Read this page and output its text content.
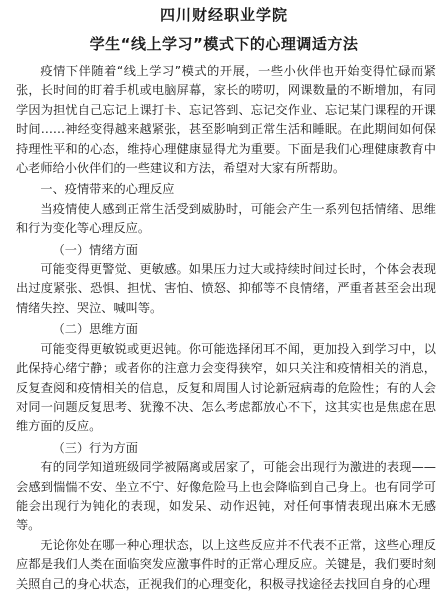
四川财经职业学院
学生“线上学习”模式下的心理调适方法

疫情下伴随着“线上学习”模式的开展，一些小伙伴也开始变得忙碌而紧张，长时间的盯着手机或电脑屏幕，家长的唠叨，网课数量的不断增加，有同学因为担忧自己忘记上课打卡、忘记答到、忘记交作业、忘记某门课程的开课时间……神经变得越来越紧张，甚至影响到正常生活和睡眠。在此期间如何保持理性平和的心态，维持心理健康显得尤为重要。下面是我们心理健康教育中心老师给小伙伴们的一些建议和方法，希望对大家有所帮助。

一、疫情带来的心理反应

当疫情使人感到正常生活受到威胁时，可能会产生一系列包括情绪、思维和行为变化等心理反应。

（一）情绪方面

可能变得更警觉、更敏感。如果压力过大或持续时间过长时，个体会表现出过度紧张、恐惧、担忧、害怕、愤怒、抑郁等不良情绪，严重者甚至会出现情绪失控、哭泣、喊叫等。

（二）思维方面

可能变得更敏锐或更迟钝。你可能选择闭耳不闻，更加投入到学习中，以此保持心绪宁静；或者你的注意力会变得狭窄，如只关注和疫情相关的消息，反复查阅和疫情相关的信息，反复和周围人讨论新冠病毒的危险性；有的人会对同一问题反复思考、犹豫不决、怎么考虑都放心不下，这其实也是焦虑在思维方面的反应。

（三）行为方面

有的同学知道班级同学被隔离或居家了，可能会出现行为激进的表现——会感到惴惴不安、坐立不宁、好像危险马上也会降临到自己身上。也有同学可能会出现行为钝化的表现，如发呆、动作迟钝，对任何事情表现出麻木无感等。

无论你处在哪一种心理状态，以上这些反应并不代表不正常，这些心理反应都是我们人类在面临突发应激事件时的正常心理反应。关键是，我们要时刻关照自己的身心状态，正视我们的心理变化，积极寻找途径去找回自身的心理
